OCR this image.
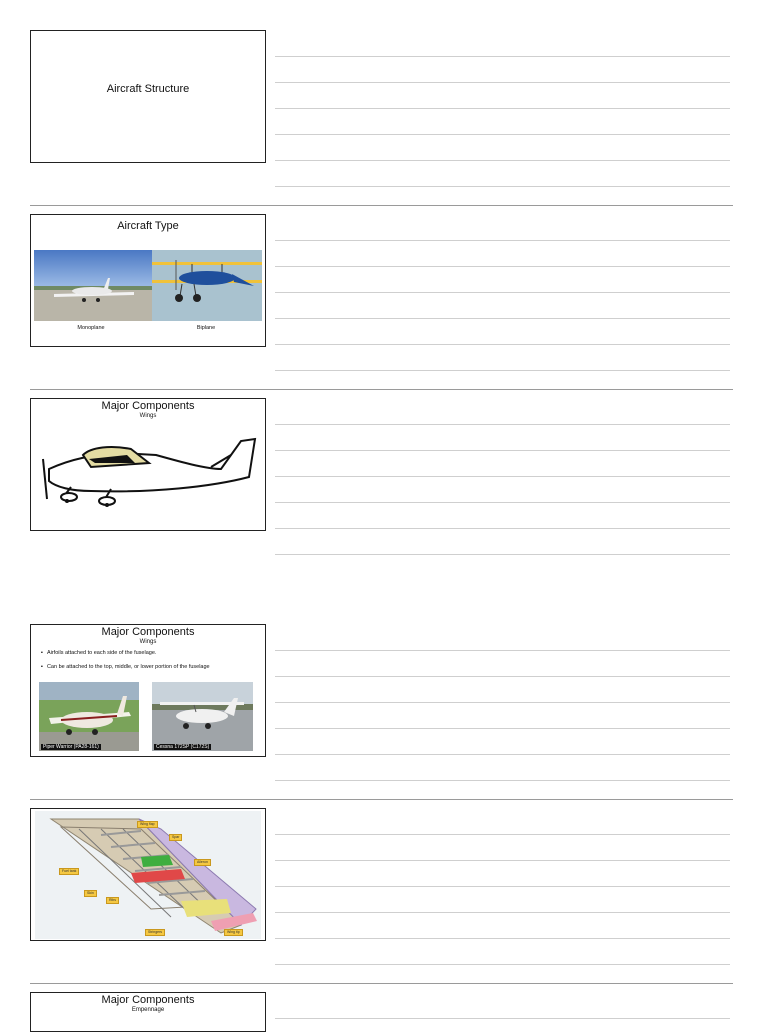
Aircraft Structure
Aircraft Type
Monoplane	Biplane
Major Components
Wings
Major Components
Wings
▪ Airfoils attached to each side of the fuselage.
▪ Can be attached to the top, middle, or lower portion of the fuselage
Piper Warrior (PA28-161)	Cessna 172SP (C172S)
Wing flap
Spar
Aileron
Fuel tank
Skin
Ribs
Stringers	Wing tip
Major Components
Empennage
